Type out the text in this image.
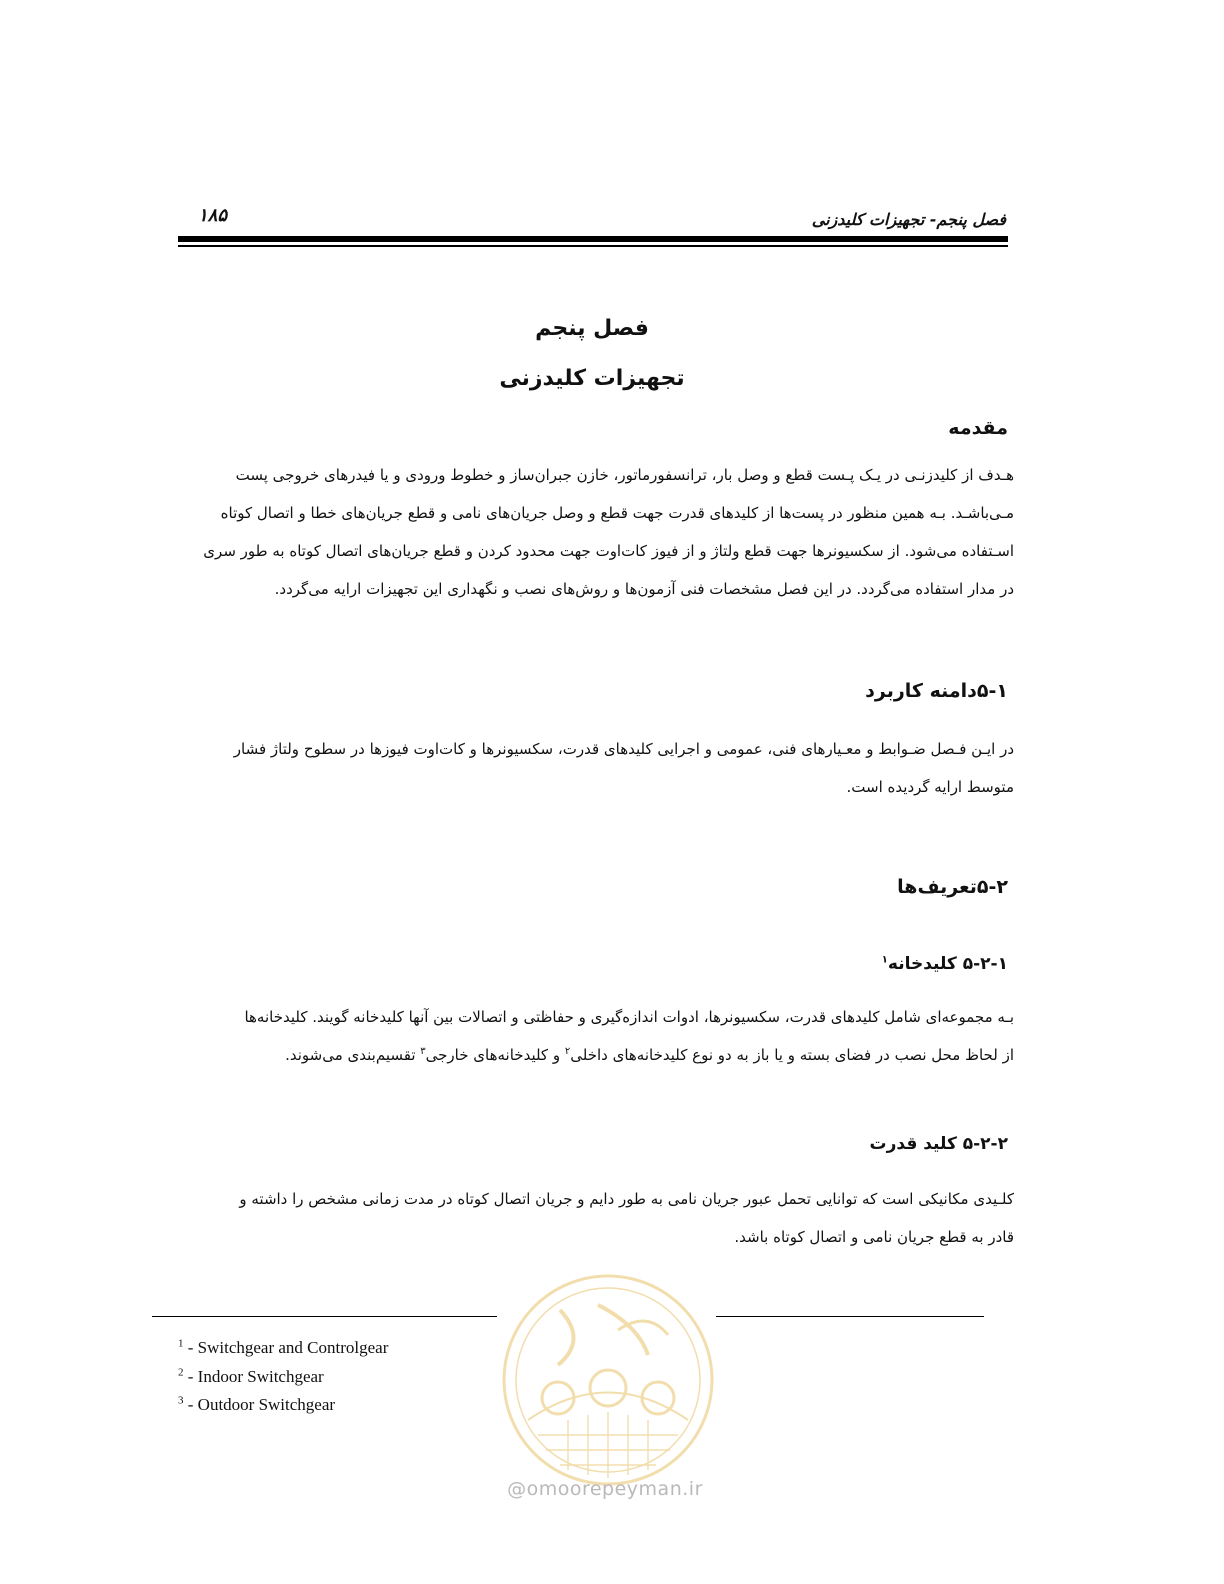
فصل پنجم- تجهیزات کلیدزنی
۱۸۵
فصل پنجم
تجهیزات کلیدزنی
مقدمه

هـدف از کلیدزنـی در یـک پـست قطع و وصل بار، ترانسفورماتور، خازن جبران‌ساز و خطوط ورودی و یا فیدرهای خروجی پست

مـی‌باشـد. بـه همین منظور در پست‌ها از کلیدهای قدرت جهت قطع و وصل جریان‌های نامی و قطع جریان‌های خطا و اتصال کوتاه

اسـتفاده می‌شود. از سکسیونرها جهت قطع ولتاژ و از فیوز کات‌اوت جهت محدود کردن و قطع جریان‌های اتصال کوتاه به طور سری

در مدار استفاده می‌گردد. در این فصل مشخصات فنی آزمون‌ها و روش‌های نصب و نگهداری این تجهیزات ارایه می‌گردد.

۵-۱دامنه کاربرد

در ایـن فـصل ضـوابط و معـیارهای فنی، عمومی و اجرایی کلیدهای قدرت، سکسیونرها و کات‌اوت فیوزها در سطوح ولتاژ فشار

متوسط ارایه گردیده است.

۵-۲تعریف‌ها
۵-۲-۱ کلیدخانه$^۱$

بـه مجموعه‌ای شامل کلیدهای قدرت، سکسیونرها، ادوات اندازه‌گیری و حفاظتی و اتصالات بین آنها کلیدخانه گویند. کلیدخانه‌ها

از لحاظ محل نصب در فضای بسته و یا باز به دو نوع کلیدخانه‌های داخلی$^۲$ و کلیدخانه‌های خارجی$^۳$ تقسیم‌بندی می‌شوند.

۵-۲-۲ کلید قدرت

کلـیدی مکانیکی است که توانایی تحمل عبور جریان نامی به طور دایم و جریان اتصال کوتاه در مدت زمانی مشخص را داشته و

قادر به قطع جریان نامی و اتصال کوتاه باشد.

$^1$ - Switchgear and Controlgear
$^2$ - Indoor Switchgear
$^3$ - Outdoor Switchgear
@omoorepeyman.ir
